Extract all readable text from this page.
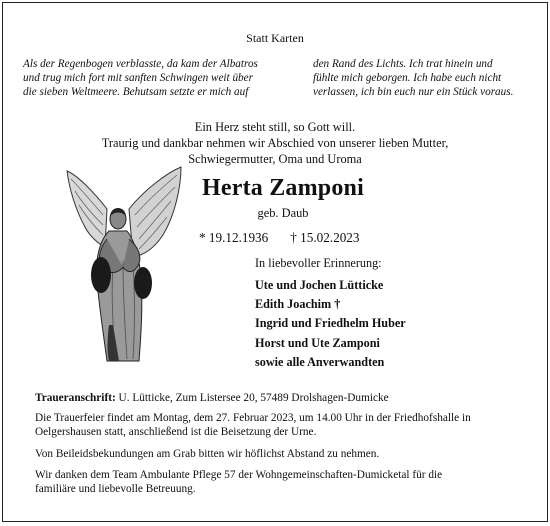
Statt Karten

Als der Regenbogen verblasste, da kam der Albatros
und trug mich fort mit sanften Schwingen weit über
die sieben Weltmeere. Behutsam setzte er mich auf
den Rand des Lichts. Ich trat hinein und
fühlte mich geborgen. Ich habe euch nicht
verlassen, ich bin euch nur ein Stück voraus.
Ein Herz steht still, so Gott will.
Traurig und dankbar nehmen wir Abschied von unserer lieben Mutter,
Schwiegermutter, Oma und Uroma

Herta Zamponi

geb. Daub

* 19.12.1936 † 15.02.2023

In liebevoller Erinnerung:

Ute und Jochen Lütticke
Edith Joachim †
Ingrid und Friedhelm Huber
Horst und Ute Zamponi
sowie alle Anverwandten

Traueranschrift: U. Lütticke, Zum Listersee 20, 57489 Drolshagen-Dumicke

Die Trauerfeier findet am Montag, dem 27. Februar 2023, um 14.00 Uhr in der Friedhofshalle in
Oelgershausen statt, anschließend ist die Beisetzung der Urne.

Von Beileidsbekundungen am Grab bitten wir höflichst Abstand zu nehmen.

Wir danken dem Team Ambulante Pflege 57 der Wohngemeinschaften-Dumicketal für die
familiäre und liebevolle Betreuung.
